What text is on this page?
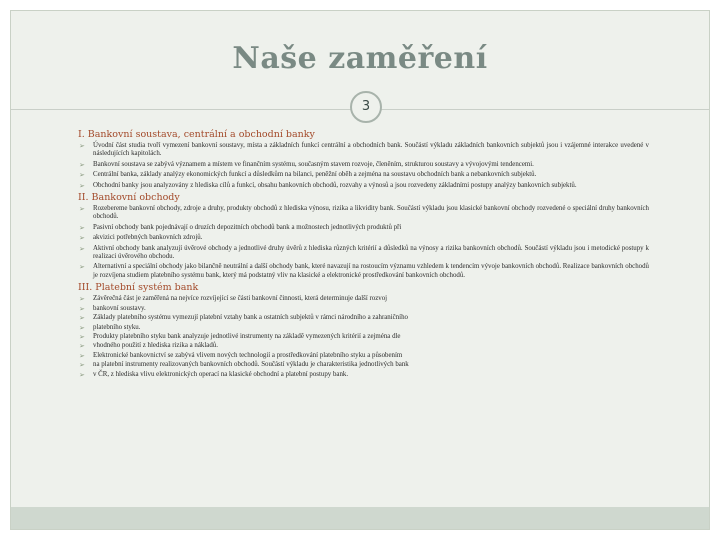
Naše zaměření
3
I. Bankovní soustava, centrální a obchodní banky
➢ Úvodní část studia tvoří vymezení bankovní soustavy, místa a základních funkcí centrální a obchodních bank. Součástí výkladu základních bankovních subjektů jsou i vzájemné interakce uvedené v následujících kapitolách.
➢ Bankovní soustava se zabývá významem a místem ve finančním systému, současným stavem rozvoje, členěním, strukturou soustavy a vývojovými tendencemi.
➢ Centrální banka, základy analýzy ekonomických funkcí a důsledkům na bilanci, peněžní oběh a zejména na soustavu obchodních bank a nebankovních subjektů.
➢ Obchodní banky jsou analyzovány z hlediska cílů a funkcí, obsahu bankovních obchodů, rozvahy a výnosů a jsou rozvedeny základními postupy analýzy bankovních subjektů.
II. Bankovní obchody
➢ Rozebereme bankovní obchody, zdroje a druhy, produkty obchodů z hlediska výnosu, rizika a likvidity bank. Součástí výkladu jsou klasické bankovní obchody rozvedené o speciální druhy bankovních obchodů.
➢ Pasivní obchody bank pojednávají o druzích depozitních obchodů bank a možnostech jednotlivých produktů při
➢ akvizici potřebných bankovních zdrojů.
➢ Aktivní obchody bank analyzují úvěrové obchody a jednotlivé druhy úvěrů z hlediska různých kritérií a důsledků na výnosy a rizika bankovních obchodů. Součástí výkladu jsou i metodické postupy k realizaci úvěrového obchodu.
➢ Alternativní a speciální obchody jako bilančně neutrální a další obchody bank, které navazují na rostoucím významu vzhledem k tendencím vývoje bankovních obchodů. Realizace bankovních obchodů je rozvíjena studiem platebního systému bank, který má podstatný vliv na klasické a elektronické prostředkování bankovních obchodů.
III. Platební systém bank
➢ Závěrečná část je zaměřená na nejvíce rozvíjející se části bankovní činnosti, která determinuje další rozvoj
➢ bankovní soustavy.
➢ Základy platebního systému vymezují platební vztahy bank a ostatních subjektů v rámci národního a zahraničního
➢ platebního styku.
➢ Produkty platebního styku bank analyzuje jednotlivé instrumenty na základě vymezených kritérií a zejména dle
➢ vhodného použití z hlediska rizika a nákladů.
➢ Elektronické bankovnictví se zabývá vlivem nových technologií a prostředkování platebního styku a působením
➢ na platební instrumenty realizovaných bankovních obchodů. Součástí výkladu je charakteristika jednotlivých bank
➢ v ČR, z hlediska vlivu elektronických operací na klasické obchodní a platební postupy bank.
